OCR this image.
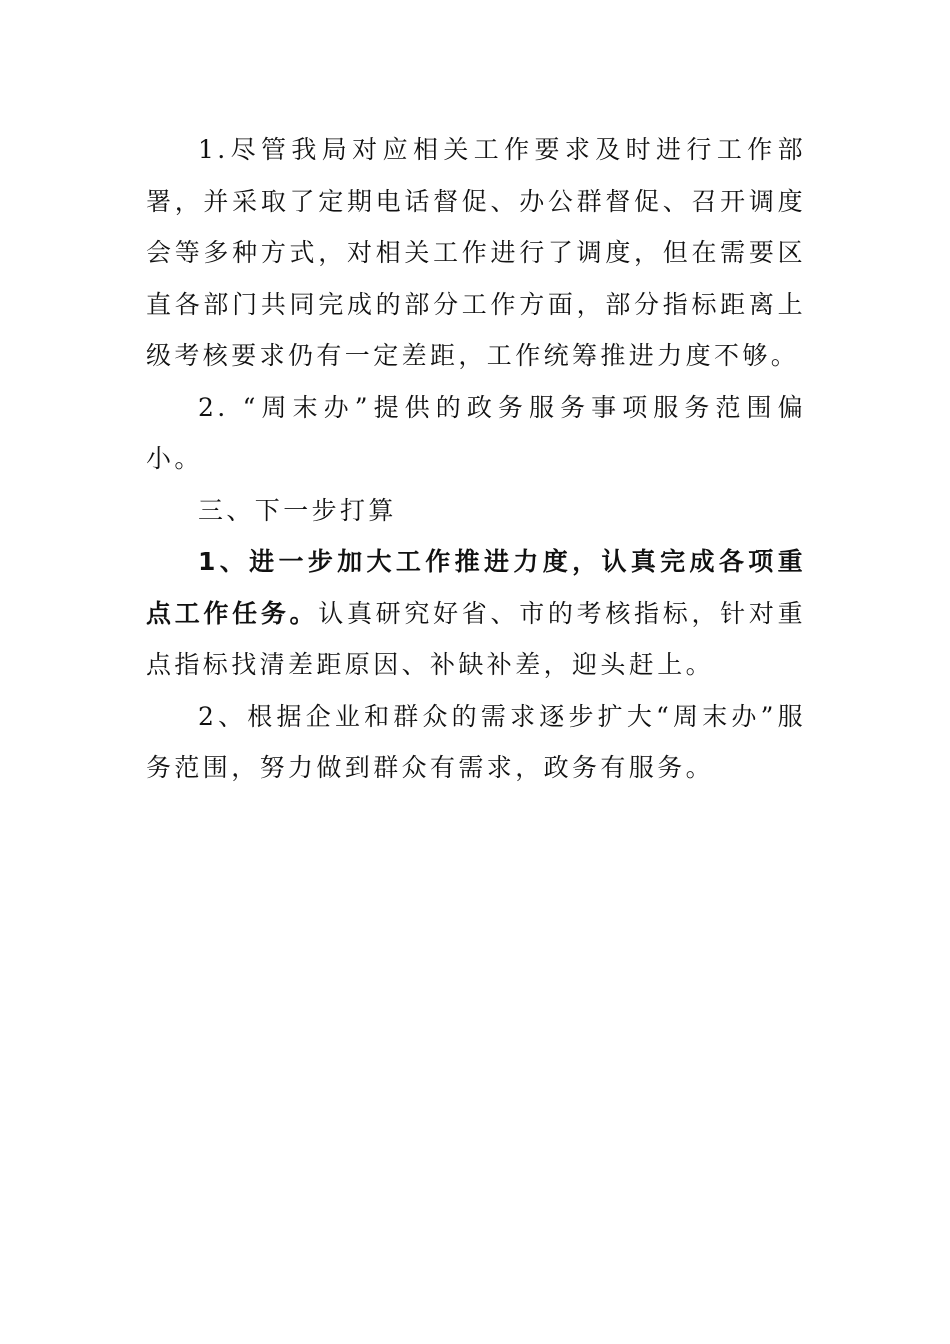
1.尽管我局对应相关工作要求及时进行工作部署，并采取了定期电话督促、办公群督促、召开调度会等多种方式，对相关工作进行了调度，但在需要区直各部门共同完成的部分工作方面，部分指标距离上级考核要求仍有一定差距，工作统筹推进力度不够。

2. “周末办”提供的政务服务事项服务范围偏小。

三、下一步打算

1、进一步加大工作推进力度，认真完成各项重点工作任务。认真研究好省、市的考核指标，针对重点指标找清差距原因、补缺补差，迎头赶上。

2、根据企业和群众的需求逐步扩大“周末办”服务范围，努力做到群众有需求，政务有服务。
